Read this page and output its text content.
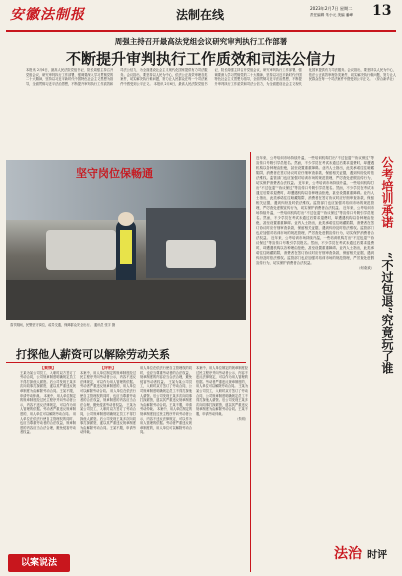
安徽法制报	法制在线	2023年2月7日 星期二
责任编辑 朱小元 美编 潘峰 13
周强主持召开最高法党组会议研究审判执行工作部署
不断提升审判执行工作质效和司法公信力
本报讯 2月6日，最高人民法院党组书记、院长周强主持召开党组会议，研究审判执行工作部署，强调要深入学习贯彻党的二十大精神，坚持以习近平新时代中国特色社会主义思想为指导，全面贯彻习近平法治思想，不断提升审判执行工作质效和司法公信力，为全面建设社会主义现代化国家提供有力司法服务。会议指出，要坚持以人民为中心，依法公正高效审理各类案件，切实解决执行难问题，努力让人民群众在每一个司法案件中感受到公平正义。 本报讯 2月6日，最高人民法院党组书记、院长周强主持召开党组会议，研究审判执行工作部署，强调要深入学习贯彻党的二十大精神，坚持以习近平新时代中国特色社会主义思想为指导，全面贯彻习近平法治思想，不断提升审判执行工作质效和司法公信力，为全面建设社会主义现代化国家提供有力司法服务。会议指出，要坚持以人民为中心，依法公正高效审理各类案件，切实解决执行难问题，努力让人民群众在每一个司法案件中感受到公平正义。 （综合新华社）
坚守岗位保畅通
春节期间，民警坚守岗位，疏导交通，保障群众安全出行。 通讯员 张宇 摄
打探他人薪资可以解除劳动关系
【案情】
王某为某公司员工，入职时双方签订了劳动合同，公司规章制度明确规定员工不得打探他人薪资。后公司发现王某多次向同事打探薪资，遂以其严重违反规章制度为由解除劳动合同。王某不服，申请劳动仲裁。 本案中，用人单位制定的规章制度经过民主程序并向劳动者公示，内容不违反法律规定，可以作为用人管理的依据。劳动者严重违反规章制度的，用人单位可以解除劳动合同。 用人单位在依法行使自主管理权的同时，也应当尊重劳动者的合法权益，规章制度的内容应当合法合理，避免侵害劳动者权益。
【评析】
本案中，用人单位制定的规章制度经过民主程序并向劳动者公示，内容不违反法律规定，可以作为用人管理的依据。劳动者严重违反规章制度的，用人单位可以解除劳动合同。 用人单位在依法行使自主管理权的同时，也应当尊重劳动者的合法权益，规章制度的内容应当合法合理，避免侵害劳动者权益。 王某为某公司员工，入职时双方签订了劳动合同，公司规章制度明确规定员工不得打探他人薪资。后公司发现王某多次向同事打探薪资，遂以其严重违反规章制度为由解除劳动合同。王某不服，申请劳动仲裁。
用人单位在依法行使自主管理权的同时，也应当尊重劳动者的合法权益，规章制度的内容应当合法合理，避免侵害劳动者权益。 王某为某公司员工，入职时双方签订了劳动合同，公司规章制度明确规定员工不得打探他人薪资。后公司发现王某多次向同事打探薪资，遂以其严重违反规章制度为由解除劳动合同。王某不服，申请劳动仲裁。 本案中，用人单位制定的规章制度经过民主程序并向劳动者公示，内容不违反法律规定，可以作为用人管理的依据。劳动者严重违反规章制度的，用人单位可以解除劳动合同。
本案中，用人单位制定的规章制度经过民主程序并向劳动者公示，内容不违反法律规定，可以作为用人管理的依据。劳动者严重违反规章制度的，用人单位可以解除劳动合同。 王某为某公司员工，入职时双方签订了劳动合同，公司规章制度明确规定员工不得打探他人薪资。后公司发现王某多次向同事打探薪资，遂以其严重违反规章制度为由解除劳动合同。王某不服，申请劳动仲裁。
（朱明）
以案说法
近年来，公考培训市场持续升温，一些培训机构打出“不过包退”“协议保过”等宣传口号吸引学员报名。然而，不少学员在考试未通过后要求退费时，却遭遇机构以各种理由拒绝，甚至设置重重障碍。业内人士指出，此类承诺往往暗藏陷阱，消费者在签订协议时应仔细审查条款，保留相关证据，遇到纠纷及时依法维权。监管部门也应加强对培训市场的规范管理，严厉查处虚假宣传行为，切实保护消费者合法权益。 近年来，公考培训市场持续升温，一些培训机构打出“不过包退”“协议保过”等宣传口号吸引学员报名。然而，不少学员在考试未通过后要求退费时，却遭遇机构以各种理由拒绝，甚至设置重重障碍。业内人士指出，此类承诺往往暗藏陷阱，消费者在签订协议时应仔细审查条款，保留相关证据，遇到纠纷及时依法维权。监管部门也应加强对培训市场的规范管理，严厉查处虚假宣传行为，切实保护消费者合法权益。 近年来，公考培训市场持续升温，一些培训机构打出“不过包退”“协议保过”等宣传口号吸引学员报名。然而，不少学员在考试未通过后要求退费时，却遭遇机构以各种理由拒绝，甚至设置重重障碍。业内人士指出，此类承诺往往暗藏陷阱，消费者在签订协议时应仔细审查条款，保留相关证据，遇到纠纷及时依法维权。监管部门也应加强对培训市场的规范管理，严厉查处虚假宣传行为，切实保护消费者合法权益。 近年来，公考培训市场持续升温，一些培训机构打出“不过包退”“协议保过”等宣传口号吸引学员报名。然而，不少学员在考试未通过后要求退费时，却遭遇机构以各种理由拒绝，甚至设置重重障碍。业内人士指出，此类承诺往往暗藏陷阱，消费者在签订协议时应仔细审查条款，保留相关证据，遇到纠纷及时依法维权。监管部门也应加强对培训市场的规范管理，严厉查处虚假宣传行为，切实保护消费者合法权益。
（何欢欢）
公考培训承诺
“不过包退”究竟玩了谁
法治 时评
